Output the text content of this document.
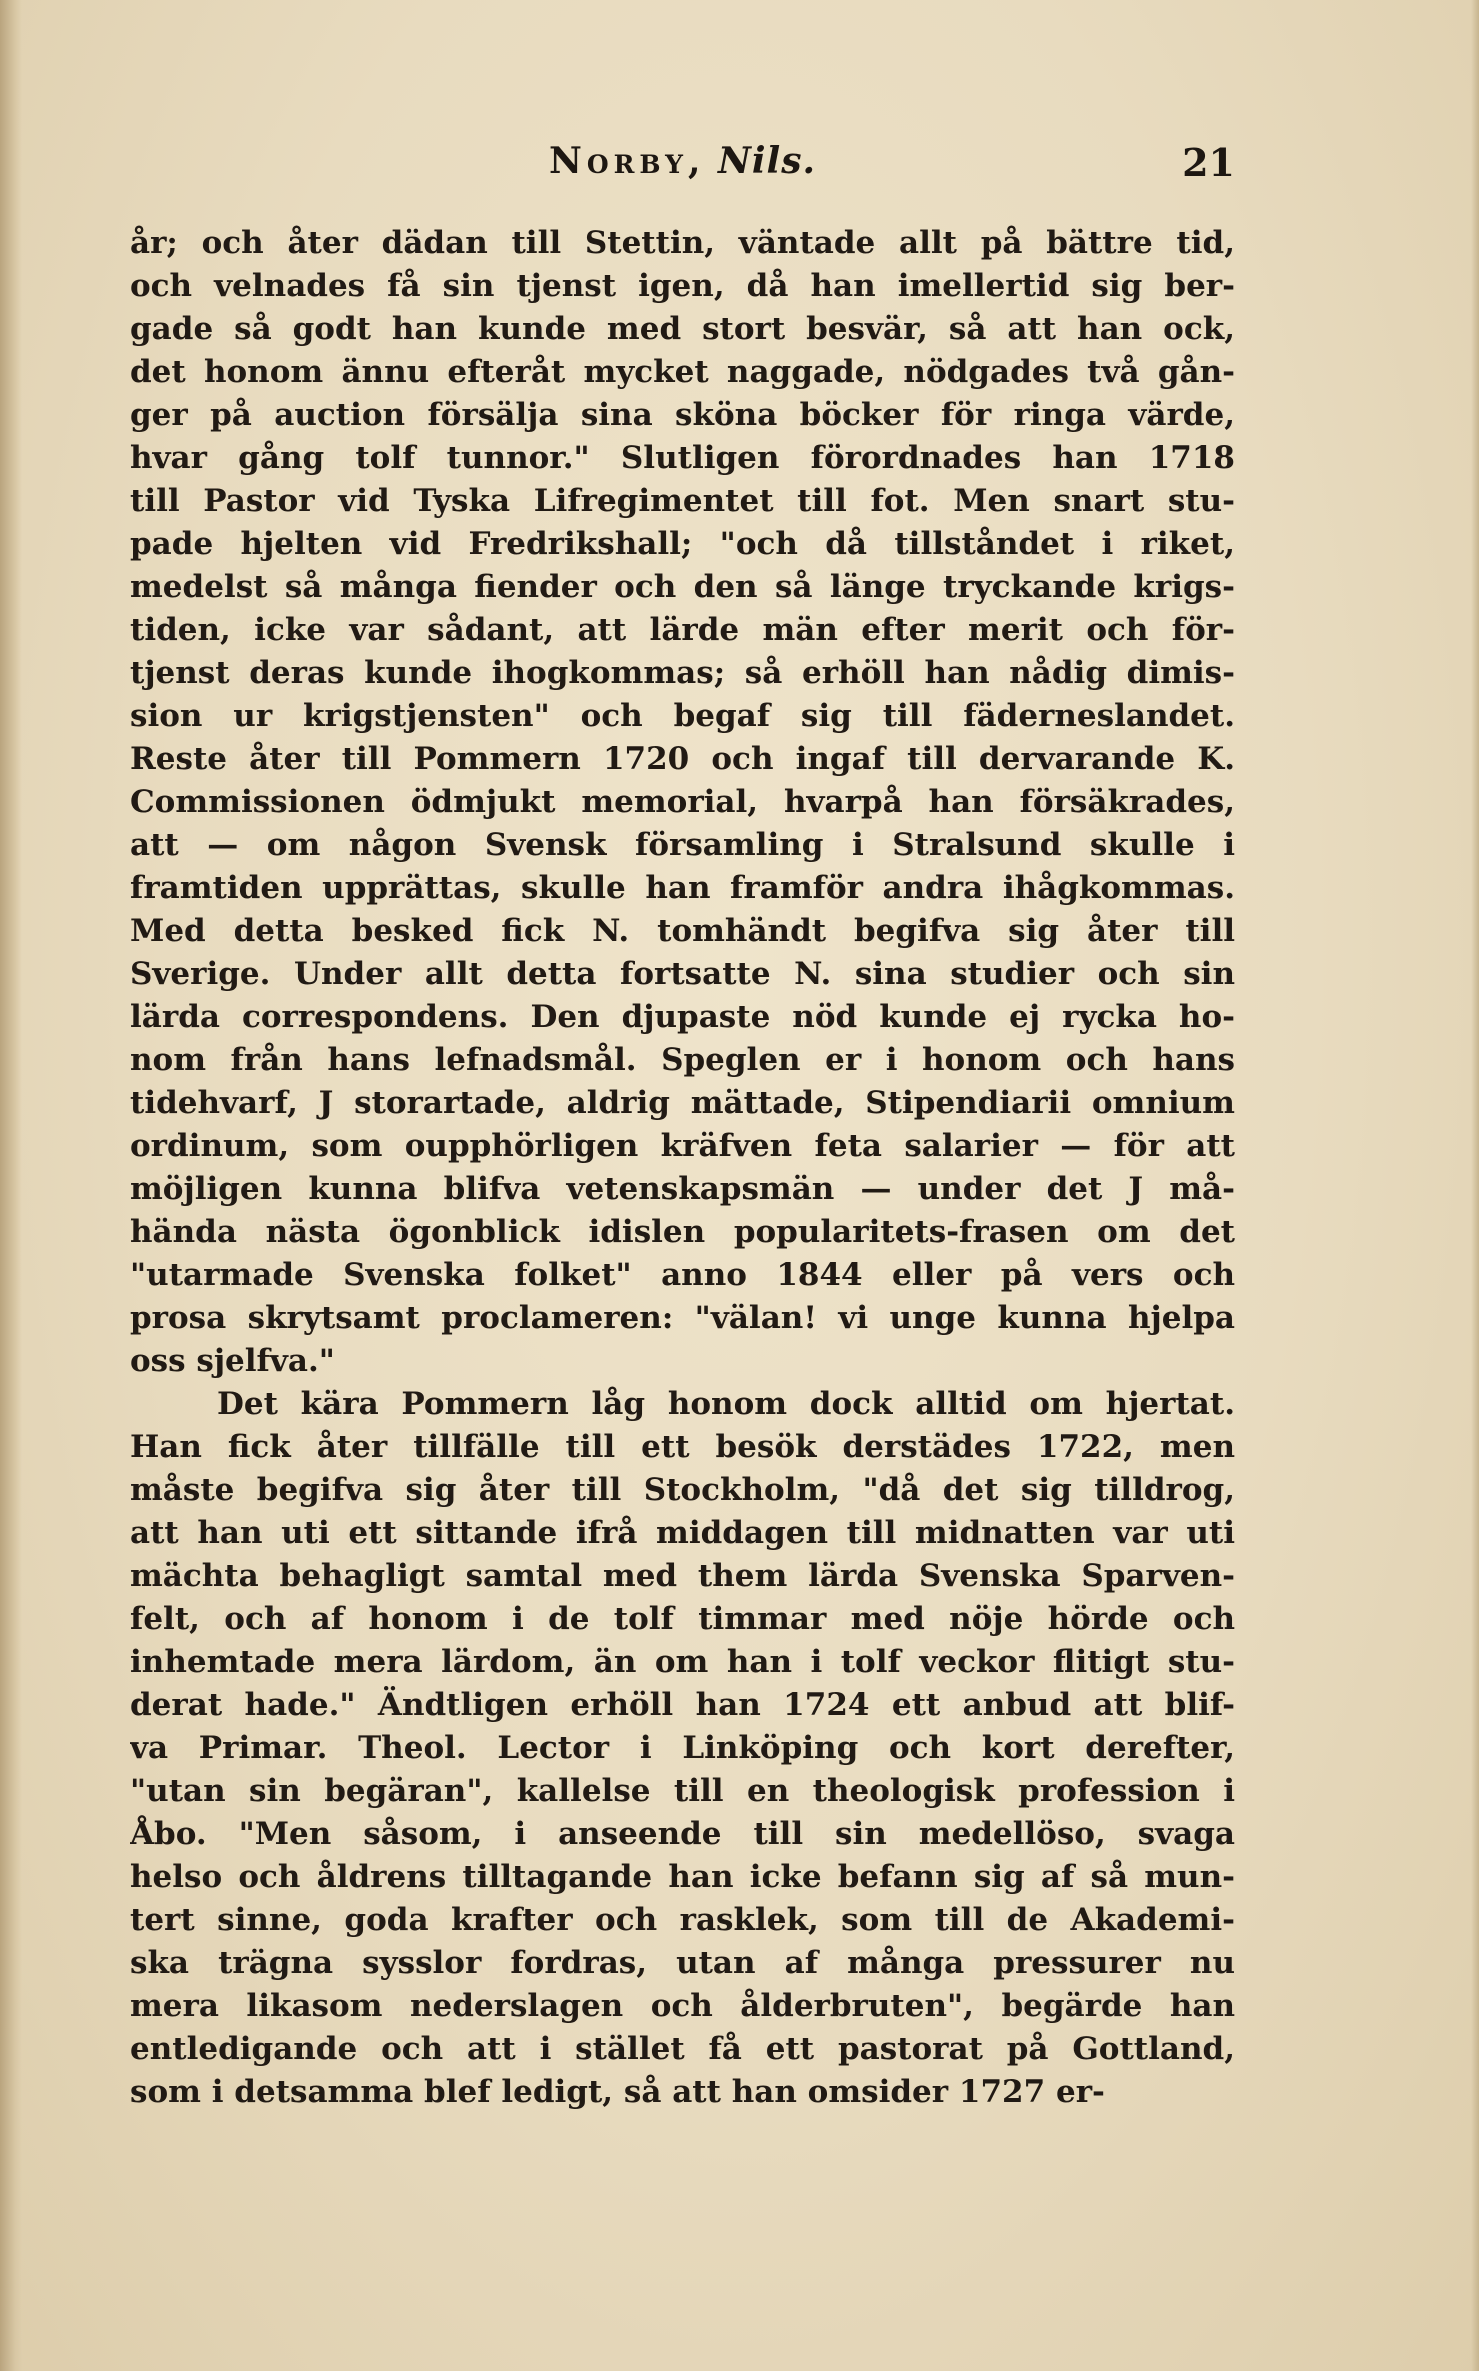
Norby, Nils.	21
år; och åter dädan till Stettin, väntade allt på bättre tid,
och velnades få sin tjenst igen, då han imellertid sig ber-
gade så godt han kunde med stort besvär, så att han ock,
det honom ännu efteråt mycket naggade, nödgades två gån-
ger på auction försälja sina sköna böcker för ringa värde,
hvar gång tolf tunnor." Slutligen förordnades han 1718
till Pastor vid Tyska Lifregimentet till fot. Men snart stu-
pade hjelten vid Fredrikshall; "och då tillståndet i riket,
medelst så många fiender och den så länge tryckande krigs-
tiden, icke var sådant, att lärde män efter merit och för-
tjenst deras kunde ihogkommas; så erhöll han nådig dimis-
sion ur krigstjensten" och begaf sig till fäderneslandet.
Reste åter till Pommern 1720 och ingaf till dervarande K.
Commissionen ödmjukt memorial, hvarpå han försäkrades,
att — om någon Svensk församling i Stralsund skulle i
framtiden upprättas, skulle han framför andra ihågkommas.
Med detta besked fick N. tomhändt begifva sig åter till
Sverige. Under allt detta fortsatte N. sina studier och sin
lärda correspondens. Den djupaste nöd kunde ej rycka ho-
nom från hans lefnadsmål. Speglen er i honom och hans
tidehvarf, J storartade, aldrig mättade, Stipendiarii omnium
ordinum, som oupphörligen kräfven feta salarier — för att
möjligen kunna blifva vetenskapsmän — under det J må-
hända nästa ögonblick idislen popularitets-frasen om det
"utarmade Svenska folket" anno 1844 eller på vers och
prosa skrytsamt proclameren: "välan! vi unge kunna hjelpa
oss sjelfva."
Det kära Pommern låg honom dock alltid om hjertat.
Han fick åter tillfälle till ett besök derstädes 1722, men
måste begifva sig åter till Stockholm, "då det sig tilldrog,
att han uti ett sittande ifrå middagen till midnatten var uti
mächta behagligt samtal med them lärda Svenska Sparven-
felt, och af honom i de tolf timmar med nöje hörde och
inhemtade mera lärdom, än om han i tolf veckor flitigt stu-
derat hade." Ändtligen erhöll han 1724 ett anbud att blif-
va Primar. Theol. Lector i Linköping och kort derefter,
"utan sin begäran", kallelse till en theologisk profession i
Åbo. "Men såsom, i anseende till sin medellöso, svaga
helso och åldrens tilltagande han icke befann sig af så mun-
tert sinne, goda krafter och rasklek, som till de Akademi-
ska trägna sysslor fordras, utan af många pressurer nu
mera likasom nederslagen och ålderbruten", begärde han
entledigande och att i stället få ett pastorat på Gottland,
som i detsamma blef ledigt, så att han omsider 1727 er-
